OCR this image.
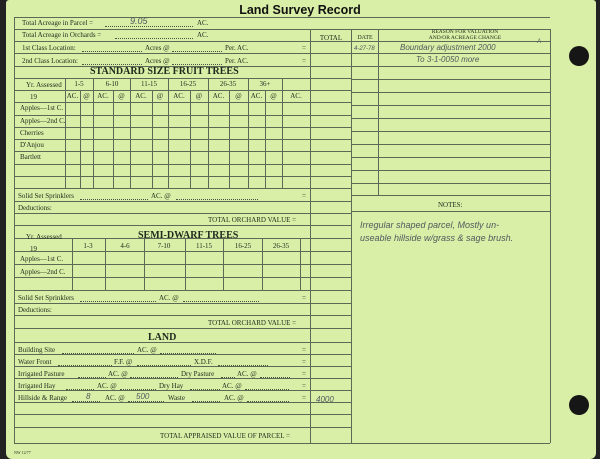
Land Survey Record
Total Acreage in Parcel =	9.05	AC.
Total Acreage in Orchards =	AC.
1st Class Location:	Acres @	Per. AC.	=
2nd Class Location:	Acres @	Per. AC.	=
TOTAL	DATE
REASON FOR VALUATION
AND/OR ACREAGE CHANGE
4-27-78	Boundary adjustment 2000
A
To 3-1-0050 more
STANDARD SIZE FRUIT TREES
Yr. Assessed
19
1-5	6-10	11-15	16-25	26-35	36+
AC. @	AC.	@	AC.	@	AC.	@	AC.	@	AC.	@	AC.
Apples—1st C.
Apples—2nd C.
Cherries
D'Anjou
Bartlett
Solid Set Sprinklers	AC. @	=
Deductions:
TOTAL ORCHARD VALUE =
Yr. Assessed	SEMI-DWARF TREES
19	1-3	4-6	7-10	11-15	16-25	26-35
Apples—1st C.
Apples—2nd C.
Solid Set Sprinklers	AC. @	=
Deductions:
TOTAL ORCHARD VALUE =
LAND
Building Site	AC. @	=
Water Front	F.F. @	X.D.F.	=
Irrigated Pasture	AC. @	Dry Pasture	AC. @	=
Irrigated Hay	AC. @	Dry Hay	AC. @	=
Hillside & Range 8 AC. @ 500	Waste	AC. @	= 4000
TOTAL APPRAISED VALUE OF PARCEL =
NOTES:
Irregular shaped parcel, Mostly un-
useable hillside w/grass & sage brush.
NW 12/77
